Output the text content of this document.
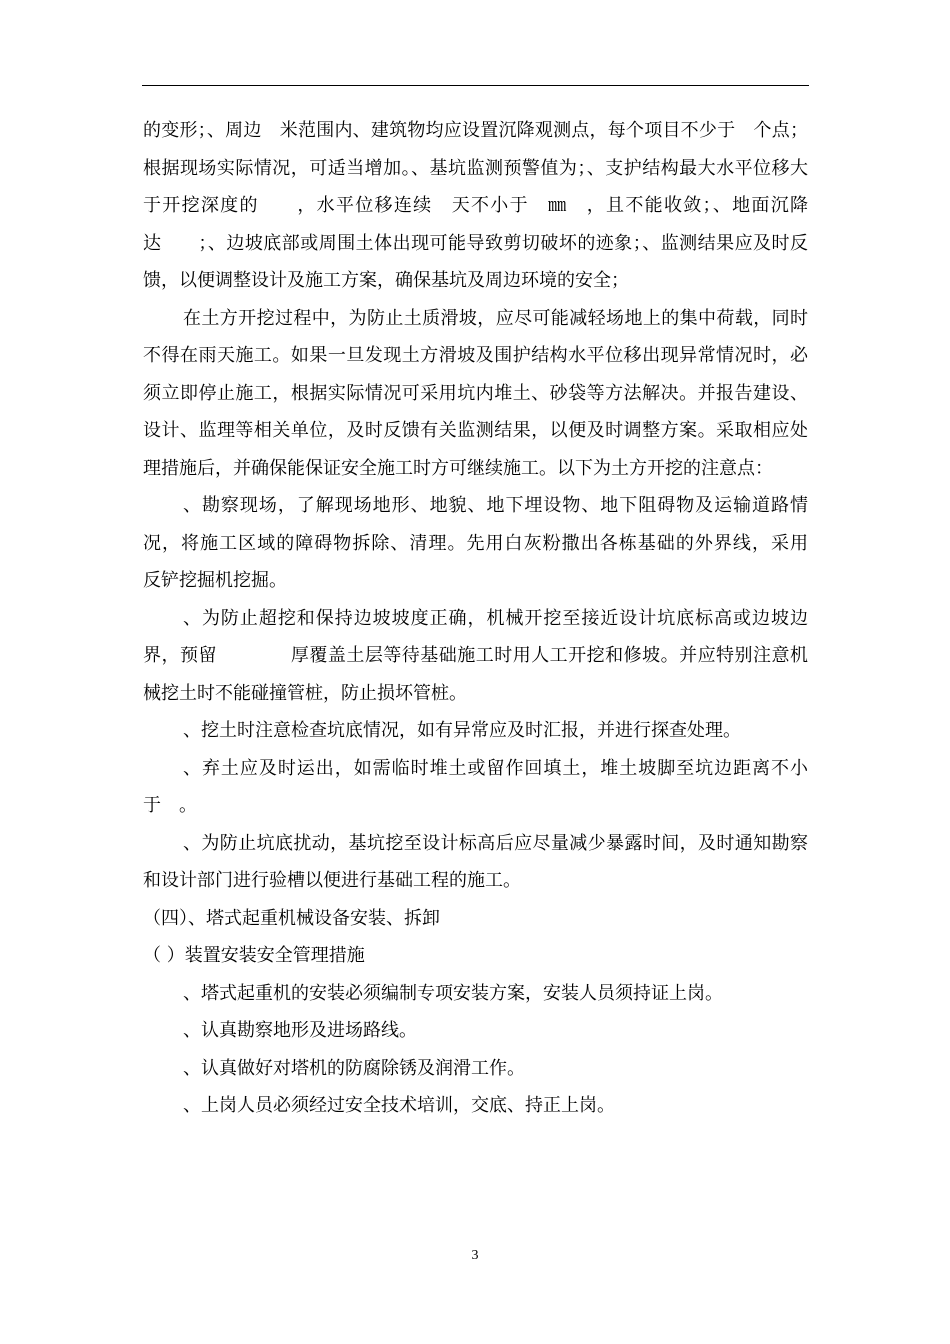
的变形；、周边　米范围内、建筑物均应设置沉降观测点，每个项目不少于　个点；根据现场实际情况，可适当增加。、基坑监测预警值为；、支护结构最大水平位移大于开挖深度的　　，水平位移连续　天不小于　㎜　，且不能收敛；、地面沉降达　　；、边坡底部或周围土体出现可能导致剪切破坏的迹象；、监测结果应及时反馈，以便调整设计及施工方案，确保基坑及周边环境的安全；

在土方开挖过程中，为防止土质滑坡，应尽可能减轻场地上的集中荷载，同时不得在雨天施工。如果一旦发现土方滑坡及围护结构水平位移出现异常情况时，必须立即停止施工，根据实际情况可采用坑内堆土、砂袋等方法解决。并报告建设、设计、监理等相关单位，及时反馈有关监测结果，以便及时调整方案。采取相应处理措施后，并确保能保证安全施工时方可继续施工。以下为土方开挖的注意点：

、勘察现场，了解现场地形、地貌、地下埋设物、地下阻碍物及运输道路情况，将施工区域的障碍物拆除、清理。先用白灰粉撒出各栋基础的外界线，采用　　反铲挖掘机挖掘。

、为防止超挖和保持边坡坡度正确，机械开挖至接近设计坑底标高或边坡边界，预留　　　　厚覆盖土层等待基础施工时用人工开挖和修坡。并应特别注意机械挖土时不能碰撞管桩，防止损坏管桩。

、挖土时注意检查坑底情况，如有异常应及时汇报，并进行探查处理。

、弃土应及时运出，如需临时堆土或留作回填土，堆土坡脚至坑边距离不小于　。

、为防止坑底扰动，基坑挖至设计标高后应尽量减少暴露时间，及时通知勘察和设计部门进行验槽以便进行基础工程的施工。

（四）、塔式起重机械设备安装、拆卸

（ ）装置安装安全管理措施

、塔式起重机的安装必须编制专项安装方案，安装人员须持证上岗。

、认真勘察地形及进场路线。

、认真做好对塔机的防腐除锈及润滑工作。

、上岗人员必须经过安全技术培训，交底、持正上岗。

3
